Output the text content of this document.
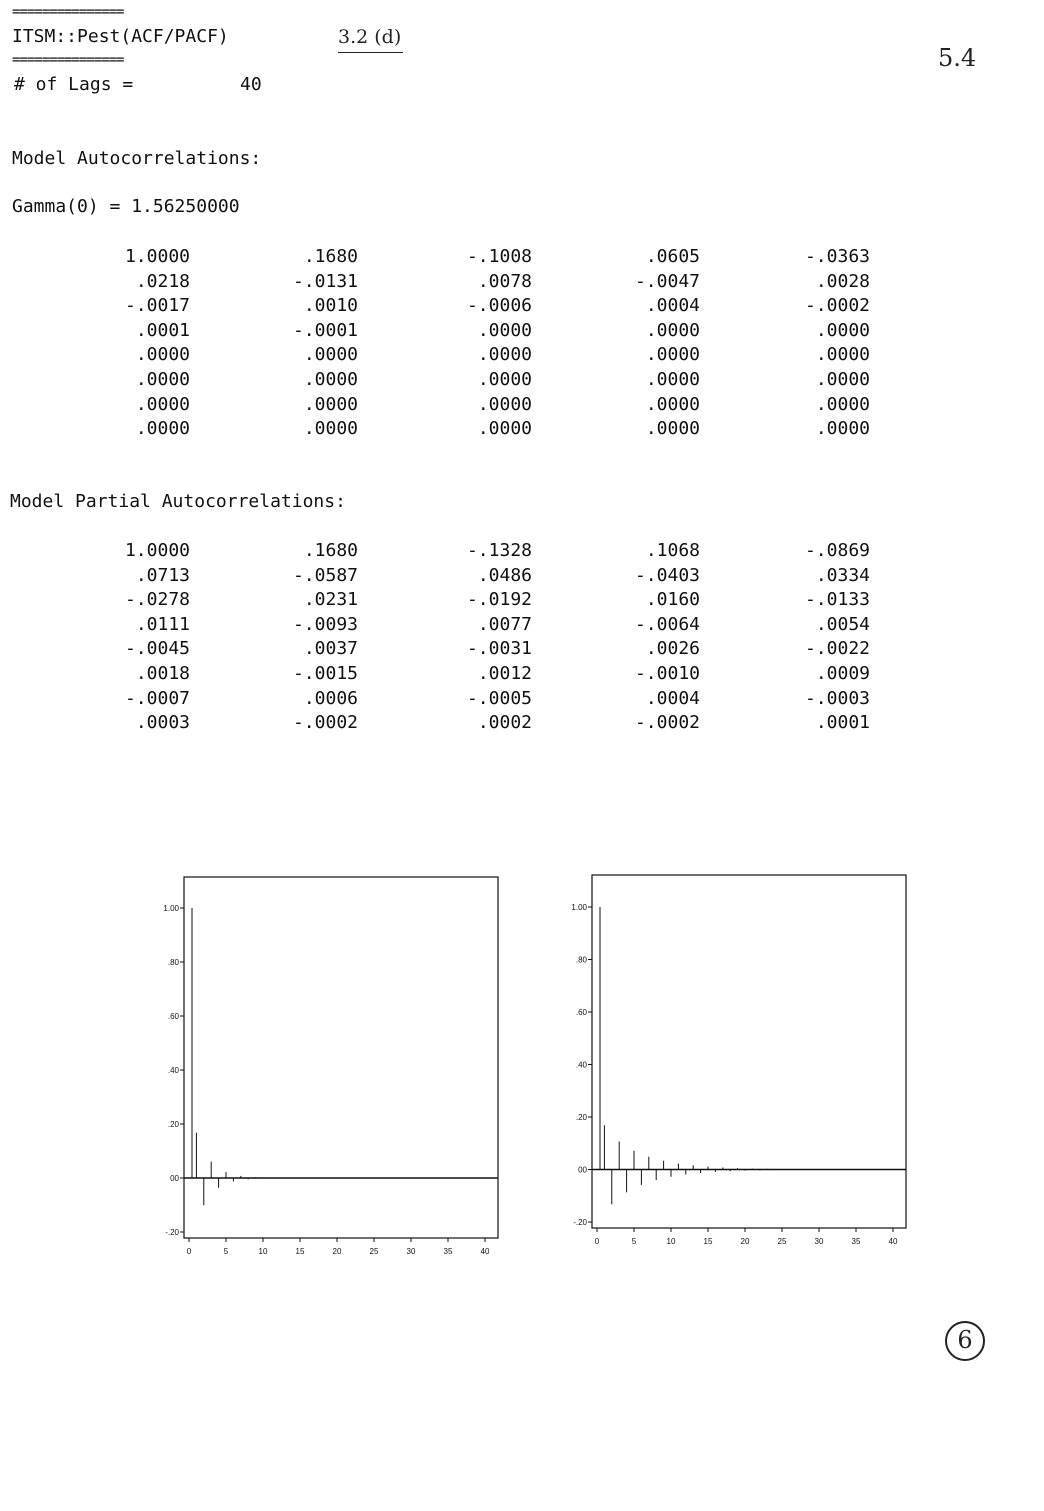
===============
ITSM::Pest(ACF/PACF)	3.2 (d)
===============	5.4
# of Lags =	40
Model Autocorrelations:
Gamma(0) = 1.56250000
1.0000	.1680	-.1008	.0605	-.0363
.0218	-.0131	.0078	-.0047	.0028
-.0017	.0010	-.0006	.0004	-.0002
.0001	-.0001	.0000	.0000	.0000
.0000	.0000	.0000	.0000	.0000
.0000	.0000	.0000	.0000	.0000
.0000	.0000	.0000	.0000	.0000
.0000	.0000	.0000	.0000	.0000
Model Partial Autocorrelations:
1.0000	.1680	-.1328	.1068	-.0869
.0713	-.0587	.0486	-.0403	.0334
-.0278	.0231	-.0192	.0160	-.0133
.0111	-.0093	.0077	-.0064	.0054
-.0045	.0037	-.0031	.0026	-.0022
.0018	-.0015	.0012	-.0010	.0009
-.0007	.0006	-.0005	.0004	-.0003
.0003	-.0002	.0002	-.0002	.0001
-.20
00
.20
.40
.60
.80
1.00
0	5	10	15	20	25	30	35	40
-.20
00
.20
.40
.60
.80
1.00
0	5	10	15	20	25	30	35	40
6
